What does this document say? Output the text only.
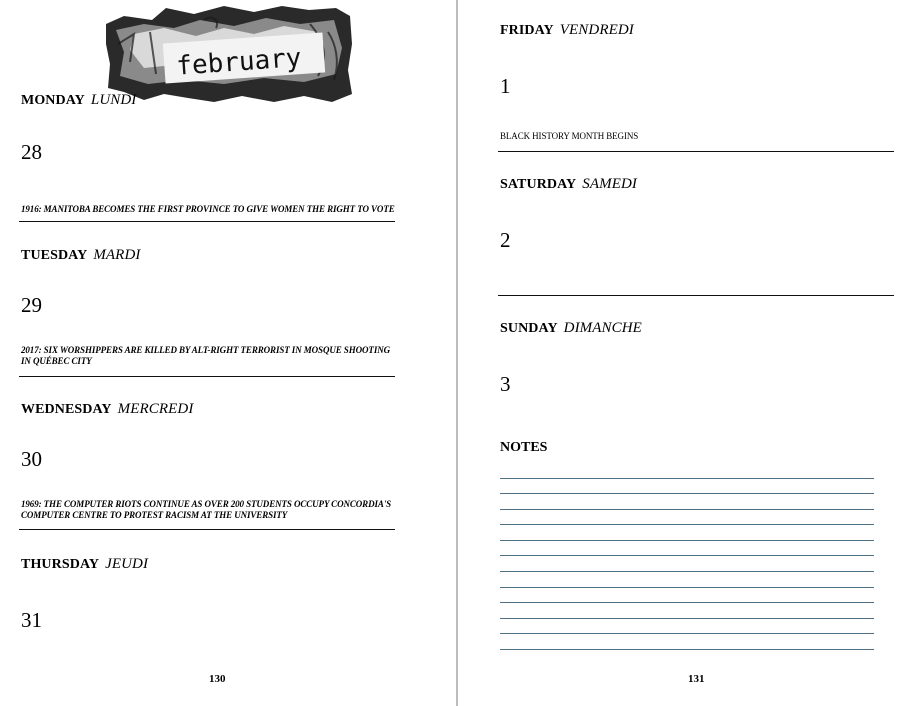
february
MONDAY LUNDI
28
1916: MANITOBA BECOMES THE FIRST PROVINCE TO GIVE WOMEN THE RIGHT TO VOTE
TUESDAY MARDI
29
2017: SIX WORSHIPPERS ARE KILLED BY ALT-RIGHT TERRORIST IN MOSQUE SHOOTING IN QUÉBEC CITY
WEDNESDAY MERCREDI
30
1969: THE COMPUTER RIOTS CONTINUE AS OVER 200 STUDENTS OCCUPY CONCORDIA'S COMPUTER CENTRE TO PROTEST RACISM AT THE UNIVERSITY
THURSDAY JEUDI
31
130
FRIDAY VENDREDI
1
BLACK HISTORY MONTH BEGINS
SATURDAY SAMEDI
2
SUNDAY DIMANCHE
3
NOTES
131
